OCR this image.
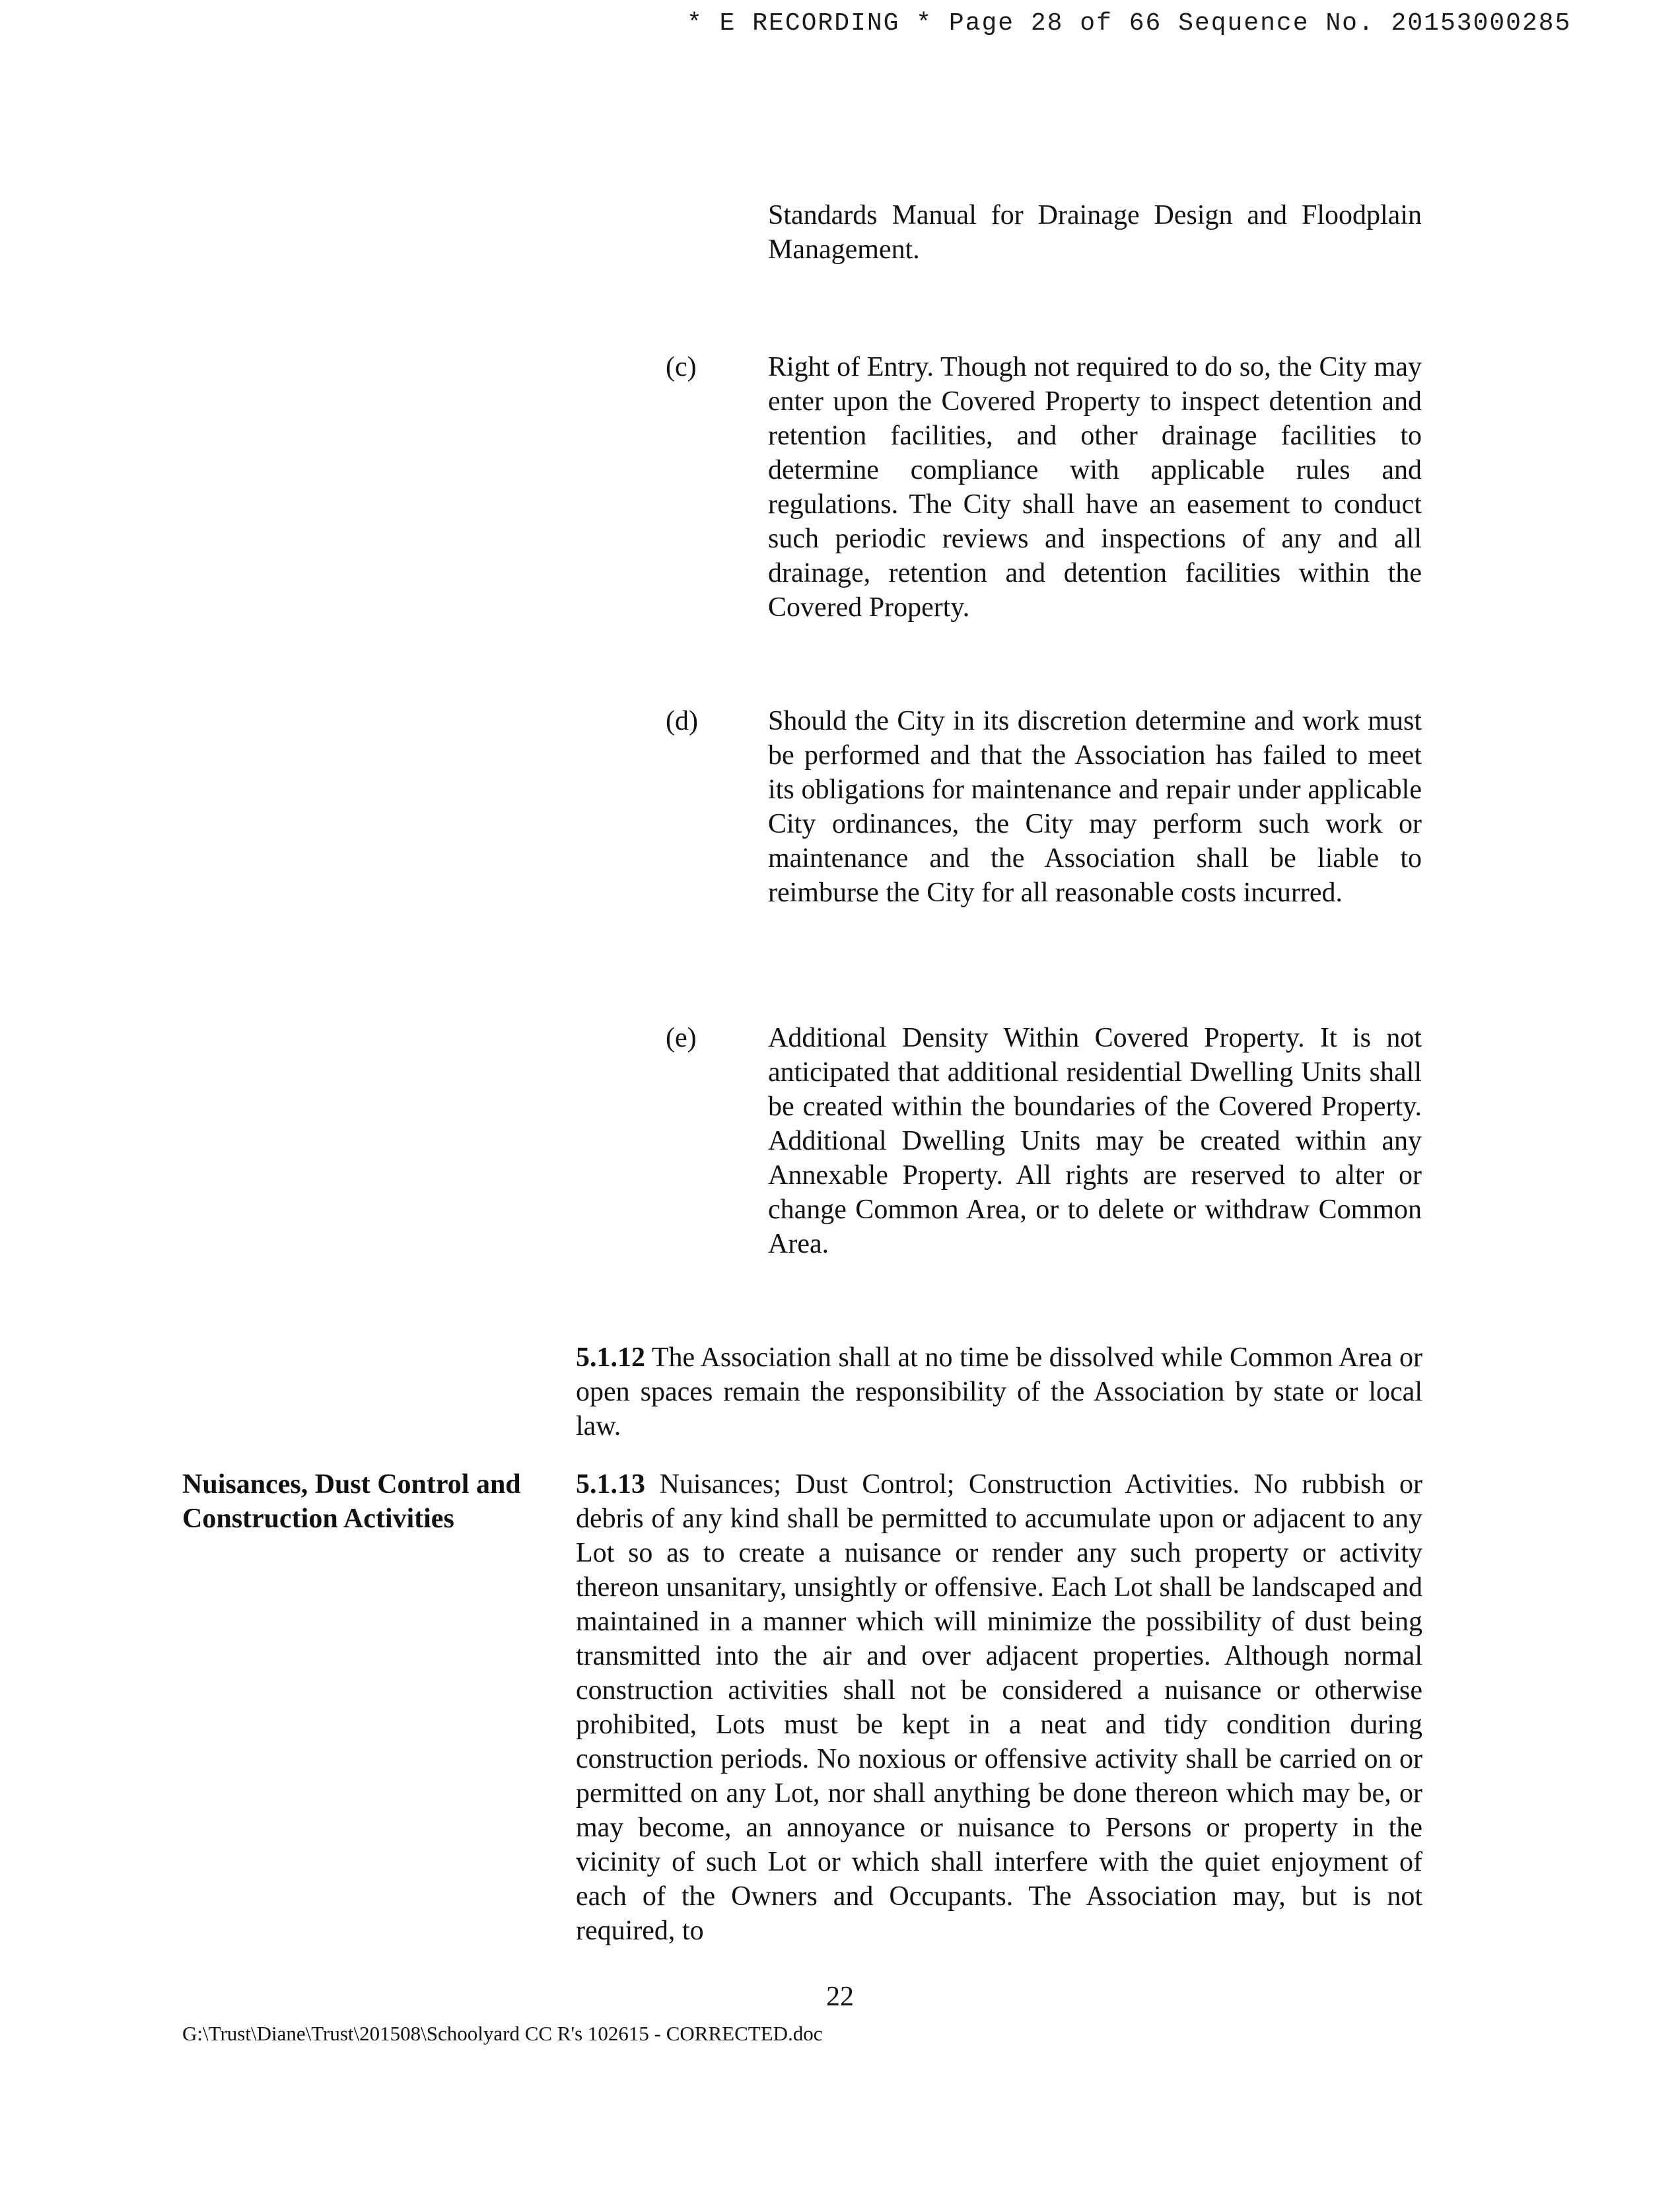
* E RECORDING * Page 28 of 66 Sequence No. 20153000285
Standards Manual for Drainage Design and Floodplain Management.
(c)	Right of Entry. Though not required to do so, the City may enter upon the Covered Property to inspect detention and retention facilities, and other drainage facilities to determine compliance with applicable rules and regulations. The City shall have an easement to conduct such periodic reviews and inspections of any and all drainage, retention and detention facilities within the Covered Property.
(d)	Should the City in its discretion determine and work must be performed and that the Association has failed to meet its obligations for maintenance and repair under applicable City ordinances, the City may perform such work or maintenance and the Association shall be liable to reimburse the City for all reasonable costs incurred.
(e)	Additional Density Within Covered Property. It is not anticipated that additional residential Dwelling Units shall be created within the boundaries of the Covered Property. Additional Dwelling Units may be created within any Annexable Property. All rights are reserved to alter or change Common Area, or to delete or withdraw Common Area.
5.1.12 The Association shall at no time be dissolved while Common Area or open spaces remain the responsibility of the Association by state or local law.
Nuisances, Dust Control and Construction Activities
5.1.13 Nuisances; Dust Control; Construction Activities. No rubbish or debris of any kind shall be permitted to accumulate upon or adjacent to any Lot so as to create a nuisance or render any such property or activity thereon unsanitary, unsightly or offensive. Each Lot shall be landscaped and maintained in a manner which will minimize the possibility of dust being transmitted into the air and over adjacent properties. Although normal construction activities shall not be considered a nuisance or otherwise prohibited, Lots must be kept in a neat and tidy condition during construction periods. No noxious or offensive activity shall be carried on or permitted on any Lot, nor shall anything be done thereon which may be, or may become, an annoyance or nuisance to Persons or property in the vicinity of such Lot or which shall interfere with the quiet enjoyment of each of the Owners and Occupants. The Association may, but is not required, to
22
G:\Trust\Diane\Trust\201508\Schoolyard CC R's 102615 - CORRECTED.doc
